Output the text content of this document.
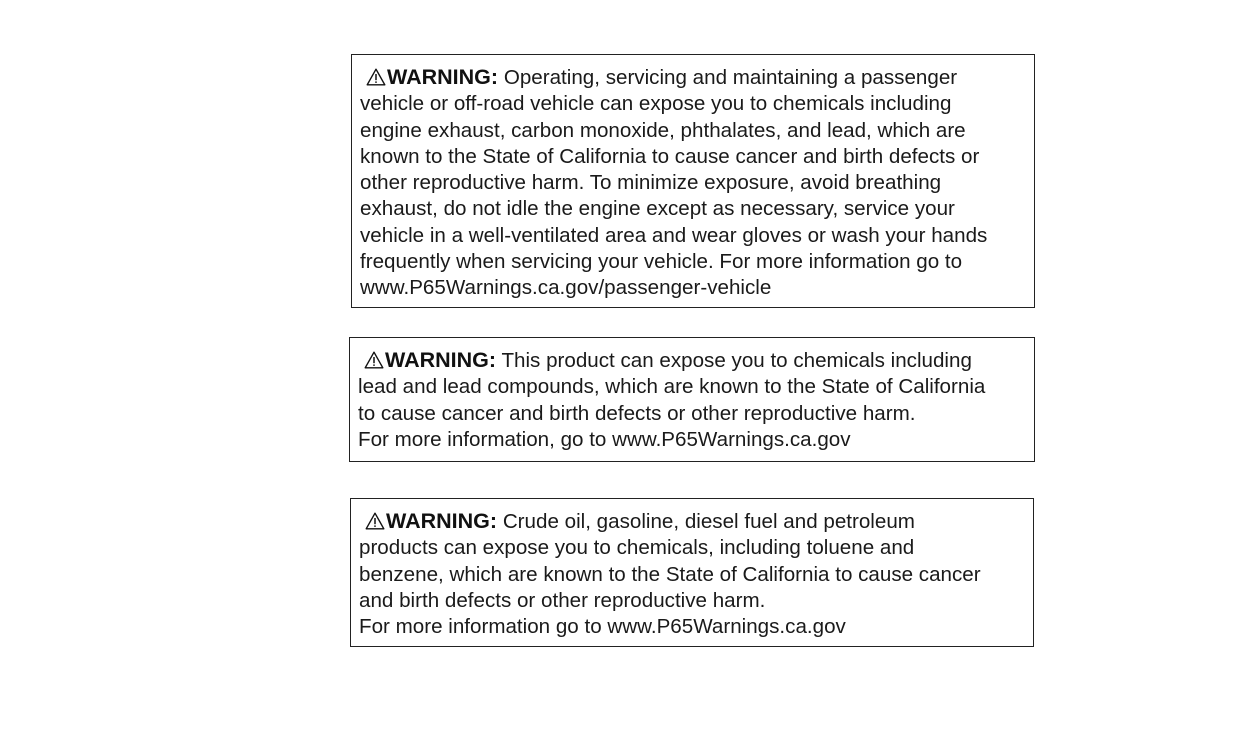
WARNING: Operating, servicing and maintaining a passenger
vehicle or off-road vehicle can expose you to chemicals including
engine exhaust, carbon monoxide, phthalates, and lead, which are
known to the State of California to cause cancer and birth defects or
other reproductive harm. To minimize exposure, avoid breathing
exhaust, do not idle the engine except as necessary, service your
vehicle in a well-ventilated area and wear gloves or wash your hands
frequently when servicing your vehicle. For more information go to
www.P65Warnings.ca.gov/passenger-vehicle
WARNING: This product can expose you to chemicals including
lead and lead compounds, which are known to the State of California
to cause cancer and birth defects or other reproductive harm.
For more information, go to www.P65Warnings.ca.gov
WARNING: Crude oil, gasoline, diesel fuel and petroleum
products can expose you to chemicals, including toluene and
benzene, which are known to the State of California to cause cancer
and birth defects or other reproductive harm.
For more information go to www.P65Warnings.ca.gov
